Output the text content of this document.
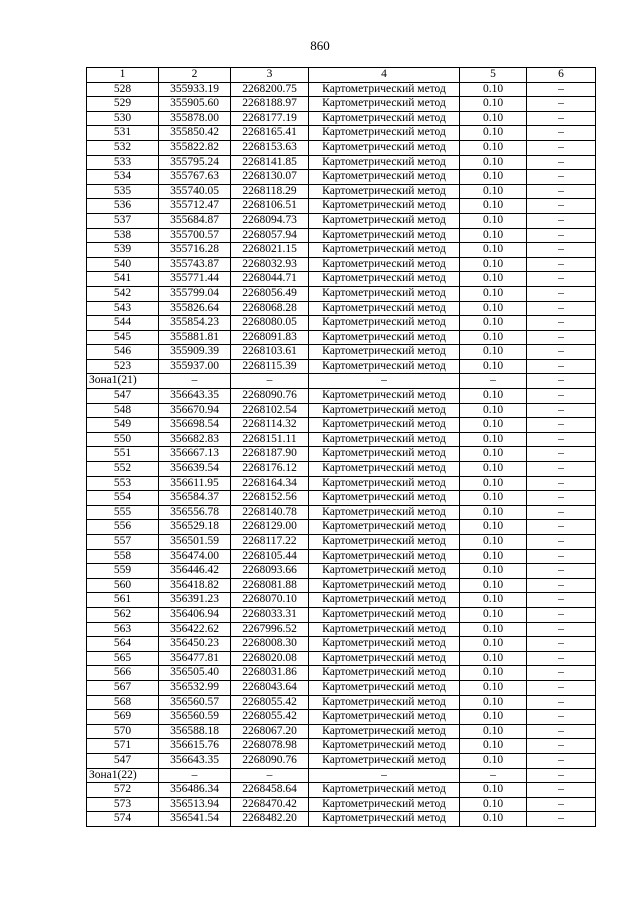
860
1	2	3	4	5	6
528	355933.19	2268200.75	Картометрический метод	0.10	–
529	355905.60	2268188.97	Картометрический метод	0.10	–
530	355878.00	2268177.19	Картометрический метод	0.10	–
531	355850.42	2268165.41	Картометрический метод	0.10	–
532	355822.82	2268153.63	Картометрический метод	0.10	–
533	355795.24	2268141.85	Картометрический метод	0.10	–
534	355767.63	2268130.07	Картометрический метод	0.10	–
535	355740.05	2268118.29	Картометрический метод	0.10	–
536	355712.47	2268106.51	Картометрический метод	0.10	–
537	355684.87	2268094.73	Картометрический метод	0.10	–
538	355700.57	2268057.94	Картометрический метод	0.10	–
539	355716.28	2268021.15	Картометрический метод	0.10	–
540	355743.87	2268032.93	Картометрический метод	0.10	–
541	355771.44	2268044.71	Картометрический метод	0.10	–
542	355799.04	2268056.49	Картометрический метод	0.10	–
543	355826.64	2268068.28	Картометрический метод	0.10	–
544	355854.23	2268080.05	Картометрический метод	0.10	–
545	355881.81	2268091.83	Картометрический метод	0.10	–
546	355909.39	2268103.61	Картометрический метод	0.10	–
523	355937.00	2268115.39	Картометрический метод	0.10	–
Зона1(21)	–	–	–	–	–
547	356643.35	2268090.76	Картометрический метод	0.10	–
548	356670.94	2268102.54	Картометрический метод	0.10	–
549	356698.54	2268114.32	Картометрический метод	0.10	–
550	356682.83	2268151.11	Картометрический метод	0.10	–
551	356667.13	2268187.90	Картометрический метод	0.10	–
552	356639.54	2268176.12	Картометрический метод	0.10	–
553	356611.95	2268164.34	Картометрический метод	0.10	–
554	356584.37	2268152.56	Картометрический метод	0.10	–
555	356556.78	2268140.78	Картометрический метод	0.10	–
556	356529.18	2268129.00	Картометрический метод	0.10	–
557	356501.59	2268117.22	Картометрический метод	0.10	–
558	356474.00	2268105.44	Картометрический метод	0.10	–
559	356446.42	2268093.66	Картометрический метод	0.10	–
560	356418.82	2268081.88	Картометрический метод	0.10	–
561	356391.23	2268070.10	Картометрический метод	0.10	–
562	356406.94	2268033.31	Картометрический метод	0.10	–
563	356422.62	2267996.52	Картометрический метод	0.10	–
564	356450.23	2268008.30	Картометрический метод	0.10	–
565	356477.81	2268020.08	Картометрический метод	0.10	–
566	356505.40	2268031.86	Картометрический метод	0.10	–
567	356532.99	2268043.64	Картометрический метод	0.10	–
568	356560.57	2268055.42	Картометрический метод	0.10	–
569	356560.59	2268055.42	Картометрический метод	0.10	–
570	356588.18	2268067.20	Картометрический метод	0.10	–
571	356615.76	2268078.98	Картометрический метод	0.10	–
547	356643.35	2268090.76	Картометрический метод	0.10	–
Зона1(22)	–	–	–	–	–
572	356486.34	2268458.64	Картометрический метод	0.10	–
573	356513.94	2268470.42	Картометрический метод	0.10	–
574	356541.54	2268482.20	Картометрический метод	0.10	–
